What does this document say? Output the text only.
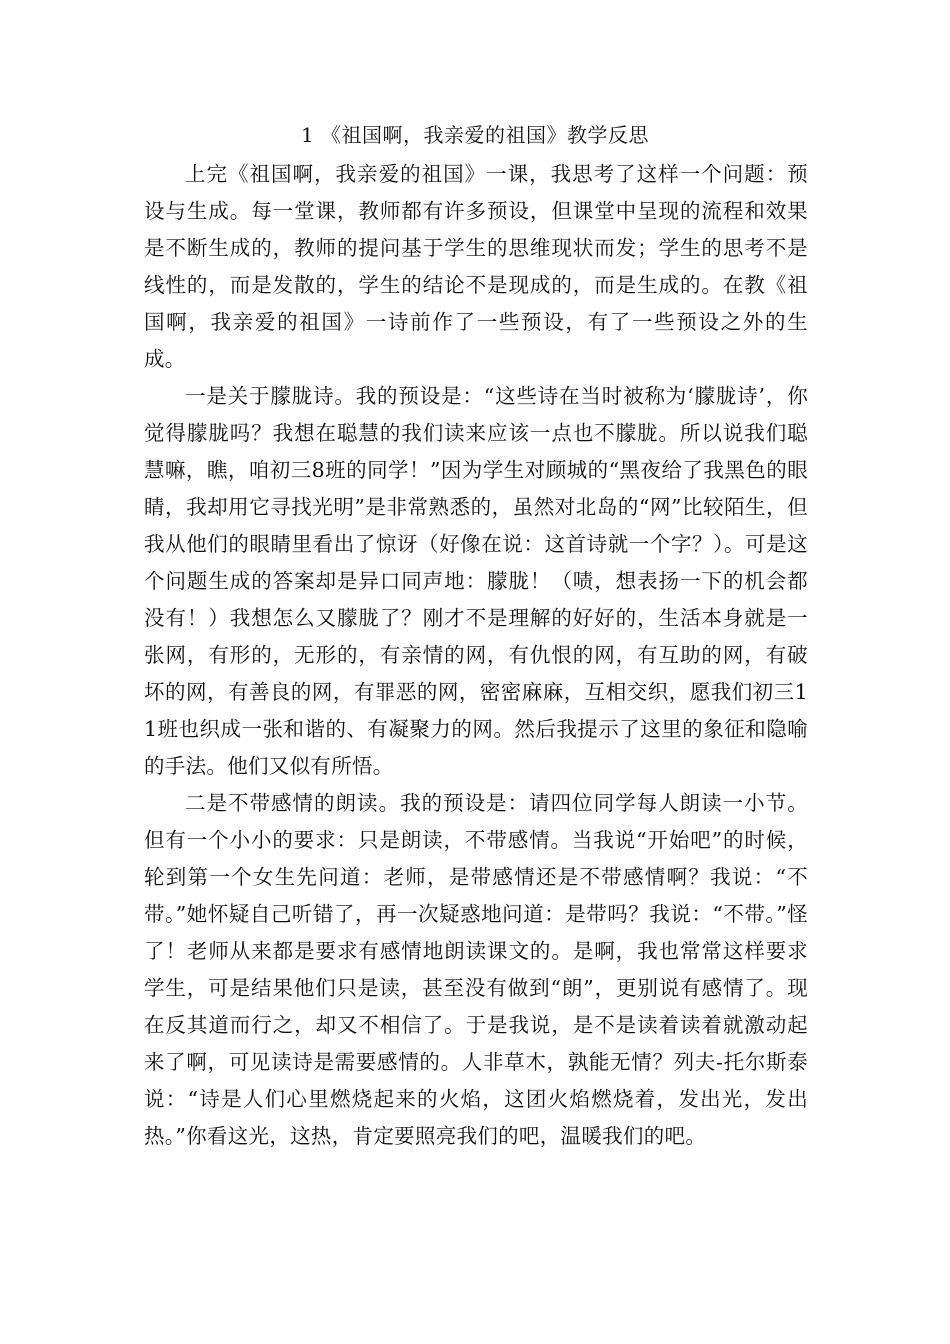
1 《祖国啊，我亲爱的祖国》教学反思

上完《祖国啊，我亲爱的祖国》一课，我思考了这样一个问题：预设与生成。每一堂课，教师都有许多预设，但课堂中呈现的流程和效果是不断生成的，教师的提问基于学生的思维现状而发；学生的思考不是线性的，而是发散的，学生的结论不是现成的，而是生成的。在教《祖国啊，我亲爱的祖国》一诗前作了一些预设，有了一些预设之外的生成。

一是关于朦胧诗。我的预设是：“这些诗在当时被称为‘朦胧诗’，你觉得朦胧吗？我想在聪慧的我们读来应该一点也不朦胧。所以说我们聪慧嘛，瞧，咱初三8班的同学！”因为学生对顾城的“黑夜给了我黑色的眼睛，我却用它寻找光明”是非常熟悉的，虽然对北岛的“网”比较陌生，但我从他们的眼睛里看出了惊讶（好像在说：这首诗就一个字？）。可是这个问题生成的答案却是异口同声地：朦胧！（啧，想表扬一下的机会都没有！）我想怎么又朦胧了？刚才不是理解的好好的，生活本身就是一张网，有形的，无形的，有亲情的网，有仇恨的网，有互助的网，有破坏的网，有善良的网，有罪恶的网，密密麻麻，互相交织，愿我们初三11班也织成一张和谐的、有凝聚力的网。然后我提示了这里的象征和隐喻的手法。他们又似有所悟。

二是不带感情的朗读。我的预设是：请四位同学每人朗读一小节。但有一个小小的要求：只是朗读，不带感情。当我说“开始吧”的时候，轮到第一个女生先问道：老师，是带感情还是不带感情啊？我说：“不带。”她怀疑自己听错了，再一次疑惑地问道：是带吗？我说：“不带。”怪了！老师从来都是要求有感情地朗读课文的。是啊，我也常常这样要求学生，可是结果他们只是读，甚至没有做到“朗”，更别说有感情了。现在反其道而行之，却又不相信了。于是我说，是不是读着读着就激动起来了啊，可见读诗是需要感情的。人非草木，孰能无情？列夫-托尔斯泰说：“诗是人们心里燃烧起来的火焰，这团火焰燃烧着，发出光，发出热。”你看这光，这热，肯定要照亮我们的吧，温暖我们的吧。
